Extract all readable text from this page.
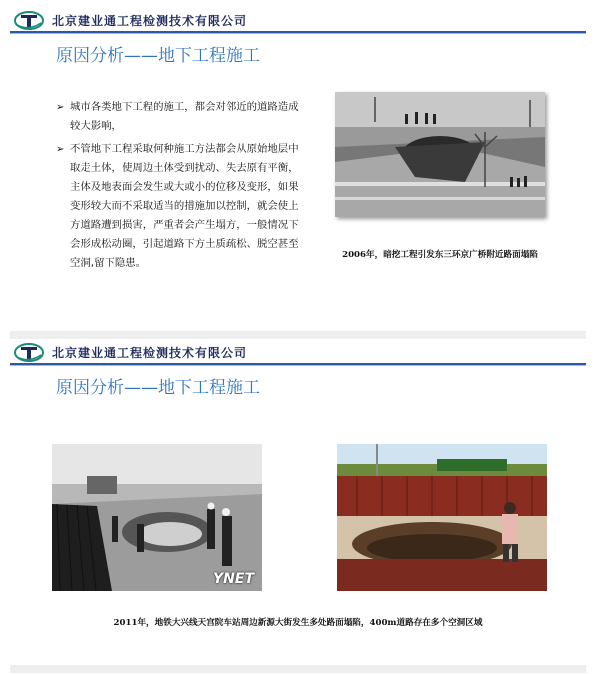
北京建业通工程检测技术有限公司
原因分析——地下工程施工
➢ 城市各类地下工程的施工，都会对邻近的道路造成较大影响，
➢ 不管地下工程采取何种施工方法都会从原始地层中取走土体，使周边土体受到扰动、失去原有平衡，主体及地表面会发生或大或小的位移及变形，如果变形较大而不采取适当的措施加以控制，就会使上方道路遭到损害，严重者会产生塌方，一般情况下会形成松动圈，引起道路下方土质疏松、脱空甚至空洞,留下隐患。
2006年，暗挖工程引发东三环京广桥附近路面塌陷
北京建业通工程检测技术有限公司
原因分析——地下工程施工
YNET
2011年，地铁大兴线天宫院车站周边新源大街发生多处路面塌陷，400m道路存在多个空洞区域
